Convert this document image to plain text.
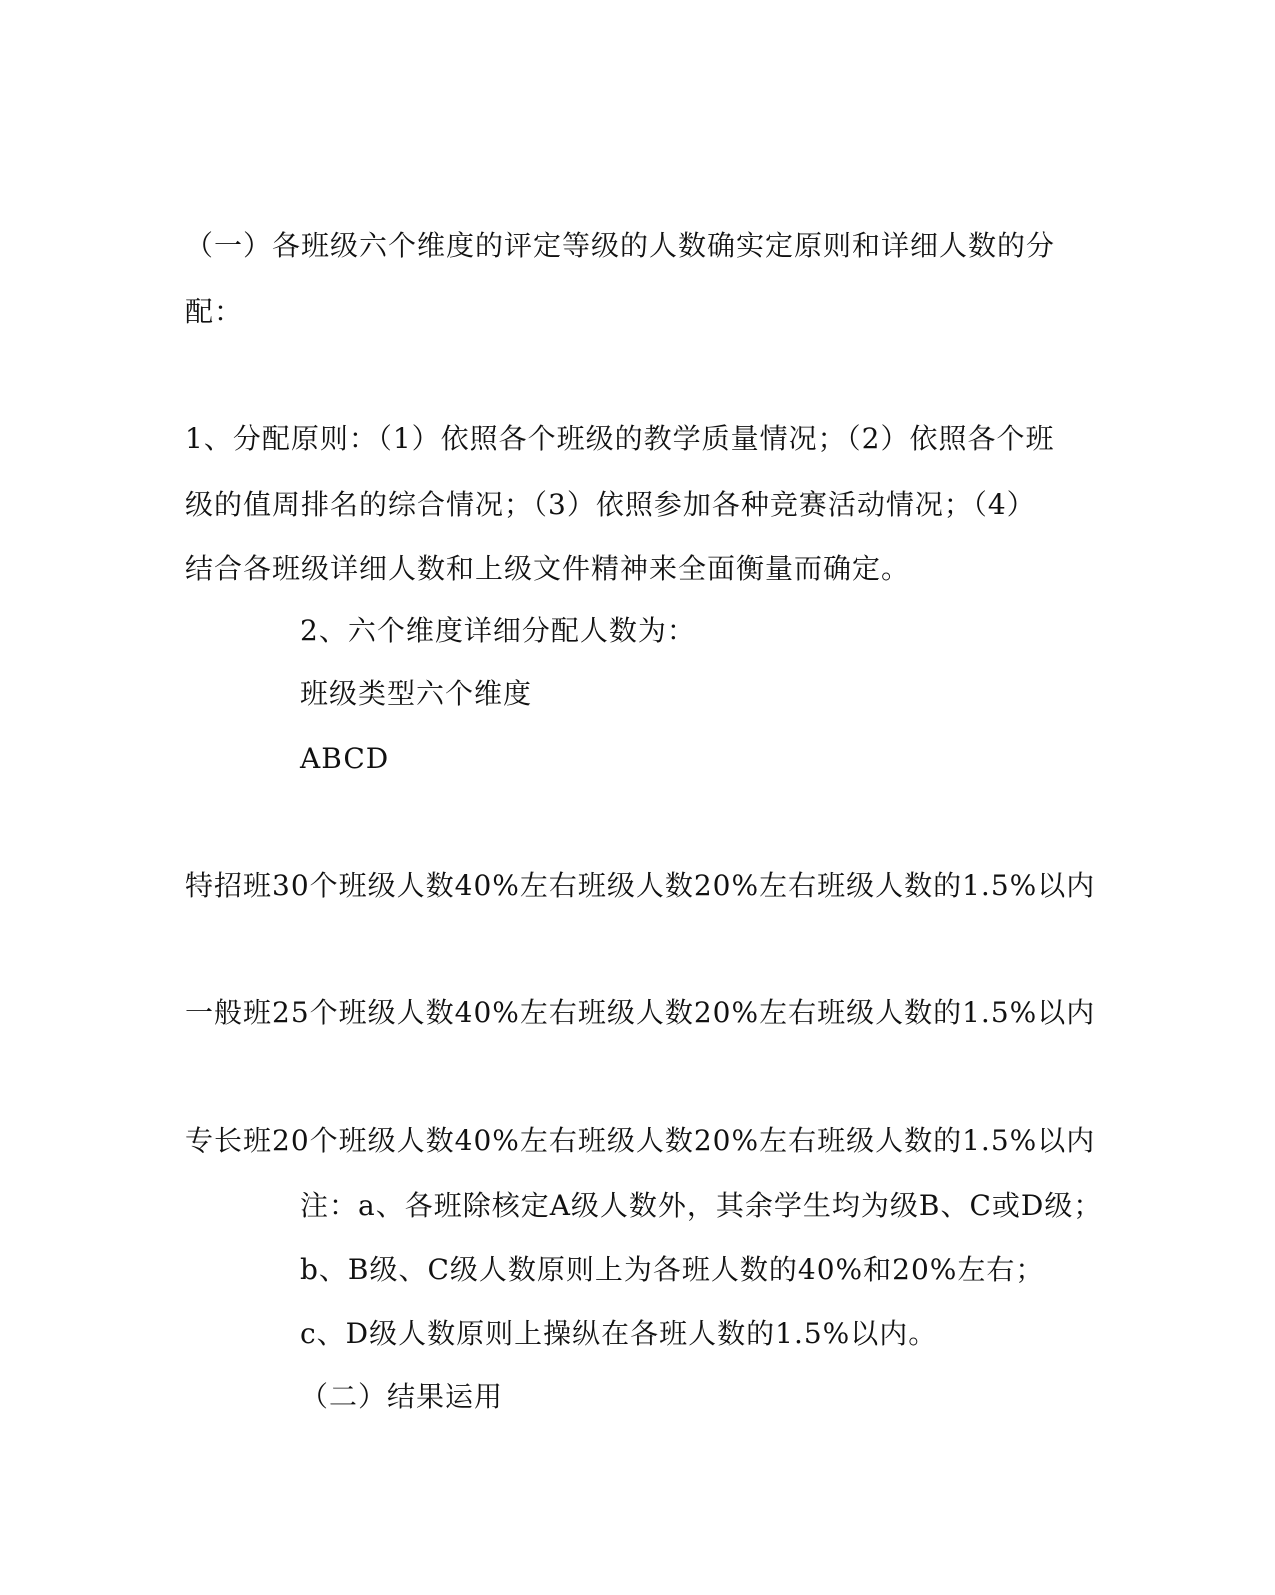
（一）各班级六个维度的评定等级的人数确实定原则和详细人数的分
配：
1、分配原则：（1）依照各个班级的教学质量情况；（2）依照各个班
级的值周排名的综合情况；（3）依照参加各种竞赛活动情况；（4）
结合各班级详细人数和上级文件精神来全面衡量而确定。
2、六个维度详细分配人数为：
班级类型六个维度
ABCD
特招班30个班级人数40%左右班级人数20%左右班级人数的1.5%以内
一般班25个班级人数40%左右班级人数20%左右班级人数的1.5%以内
专长班20个班级人数40%左右班级人数20%左右班级人数的1.5%以内
注：a、各班除核定A级人数外，其余学生均为级B、C或D级；
b、B级、C级人数原则上为各班人数的40%和20%左右；
c、D级人数原则上操纵在各班人数的1.5%以内。
（二）结果运用
